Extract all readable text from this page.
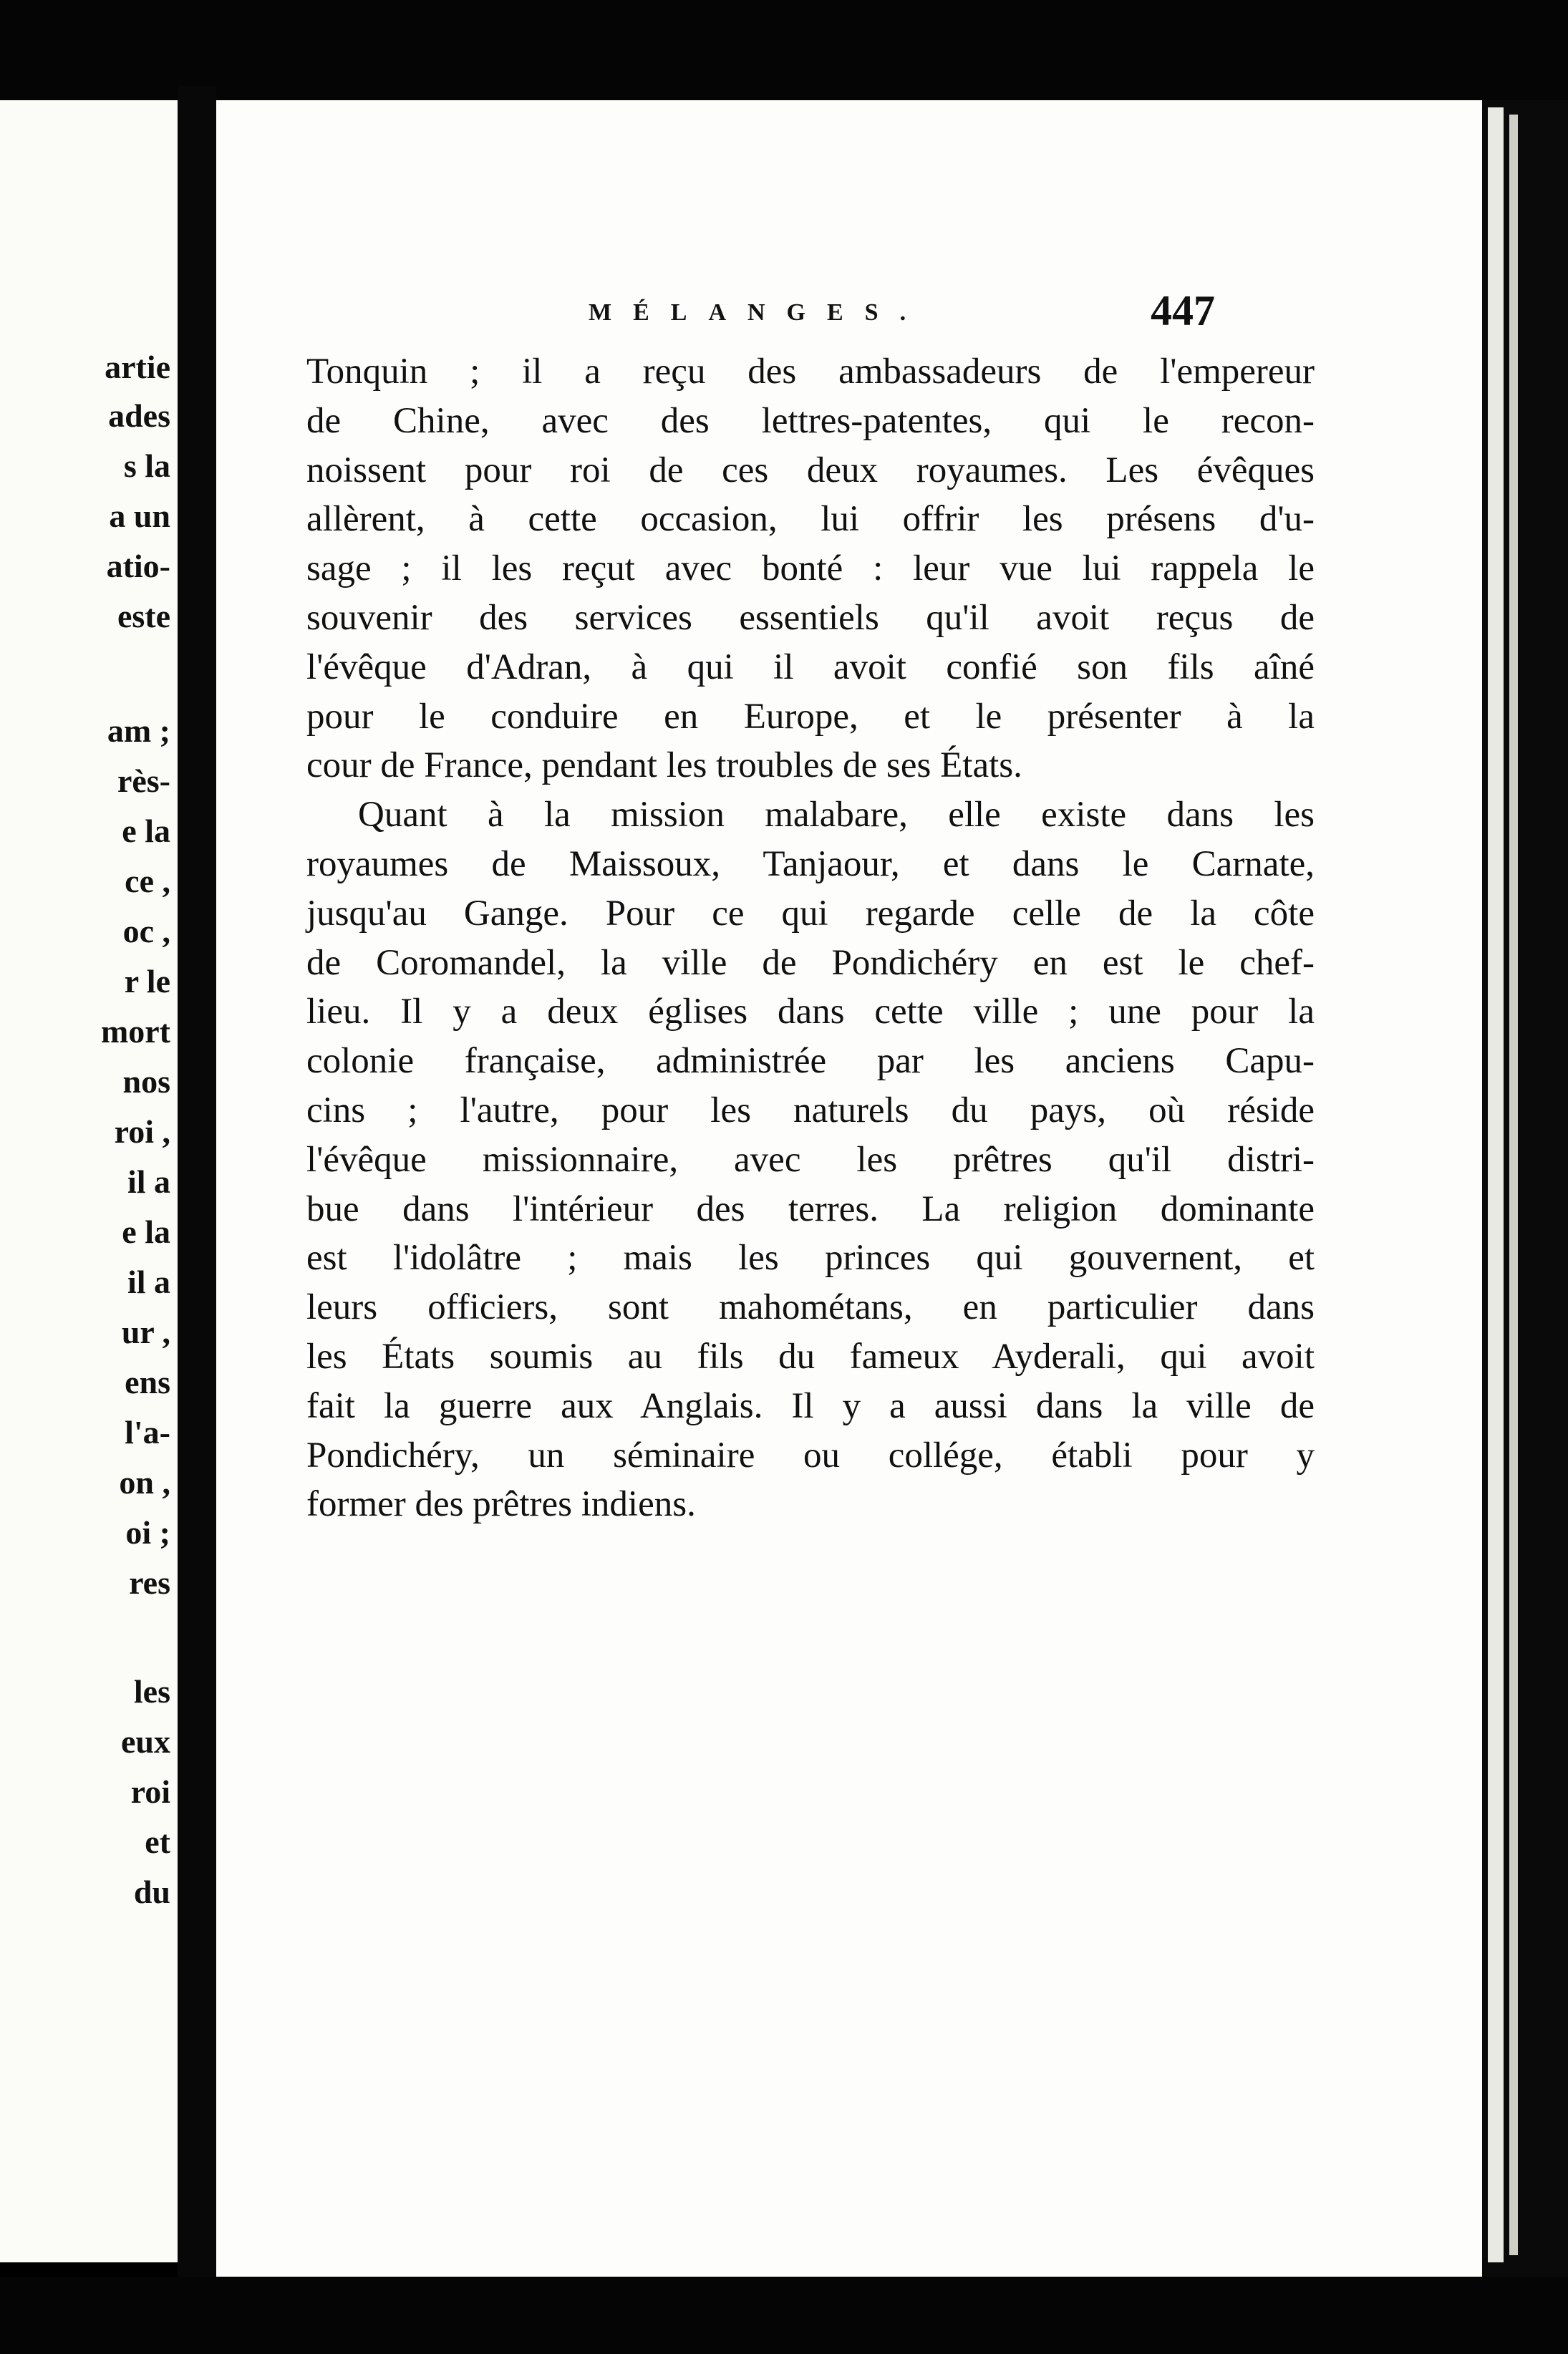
artie
ades
s la
a un
atio-
este
am ;
rès-
e la
ce ,
oc ,
r le
mort
nos
roi ,
il a
e la
il a
ur ,
ens
l'a-
on ,
oi ;
res
les
eux
roi
et
du
MÉLANGES.	447
Tonquin ; il a reçu des ambassadeurs de l'empereur
de Chine, avec des lettres-patentes, qui le recon-
noissent pour roi de ces deux royaumes. Les évêques
allèrent, à cette occasion, lui offrir les présens d'u-
sage ; il les reçut avec bonté : leur vue lui rappela le
souvenir des services essentiels qu'il avoit reçus de
l'évêque d'Adran, à qui il avoit confié son fils aîné
pour le conduire en Europe, et le présenter à la
cour de France, pendant les troubles de ses États.
Quant à la mission malabare, elle existe dans les
royaumes de Maissoux, Tanjaour, et dans le Carnate,
jusqu'au Gange. Pour ce qui regarde celle de la côte
de Coromandel, la ville de Pondichéry en est le chef-
lieu. Il y a deux églises dans cette ville ; une pour la
colonie française, administrée par les anciens Capu-
cins ; l'autre, pour les naturels du pays, où réside
l'évêque missionnaire, avec les prêtres qu'il distri-
bue dans l'intérieur des terres. La religion dominante
est l'idolâtre ; mais les princes qui gouvernent, et
leurs officiers, sont mahométans, en particulier dans
les États soumis au fils du fameux Ayderali, qui avoit
fait la guerre aux Anglais. Il y a aussi dans la ville de
Pondichéry, un séminaire ou collége, établi pour y
former des prêtres indiens.
